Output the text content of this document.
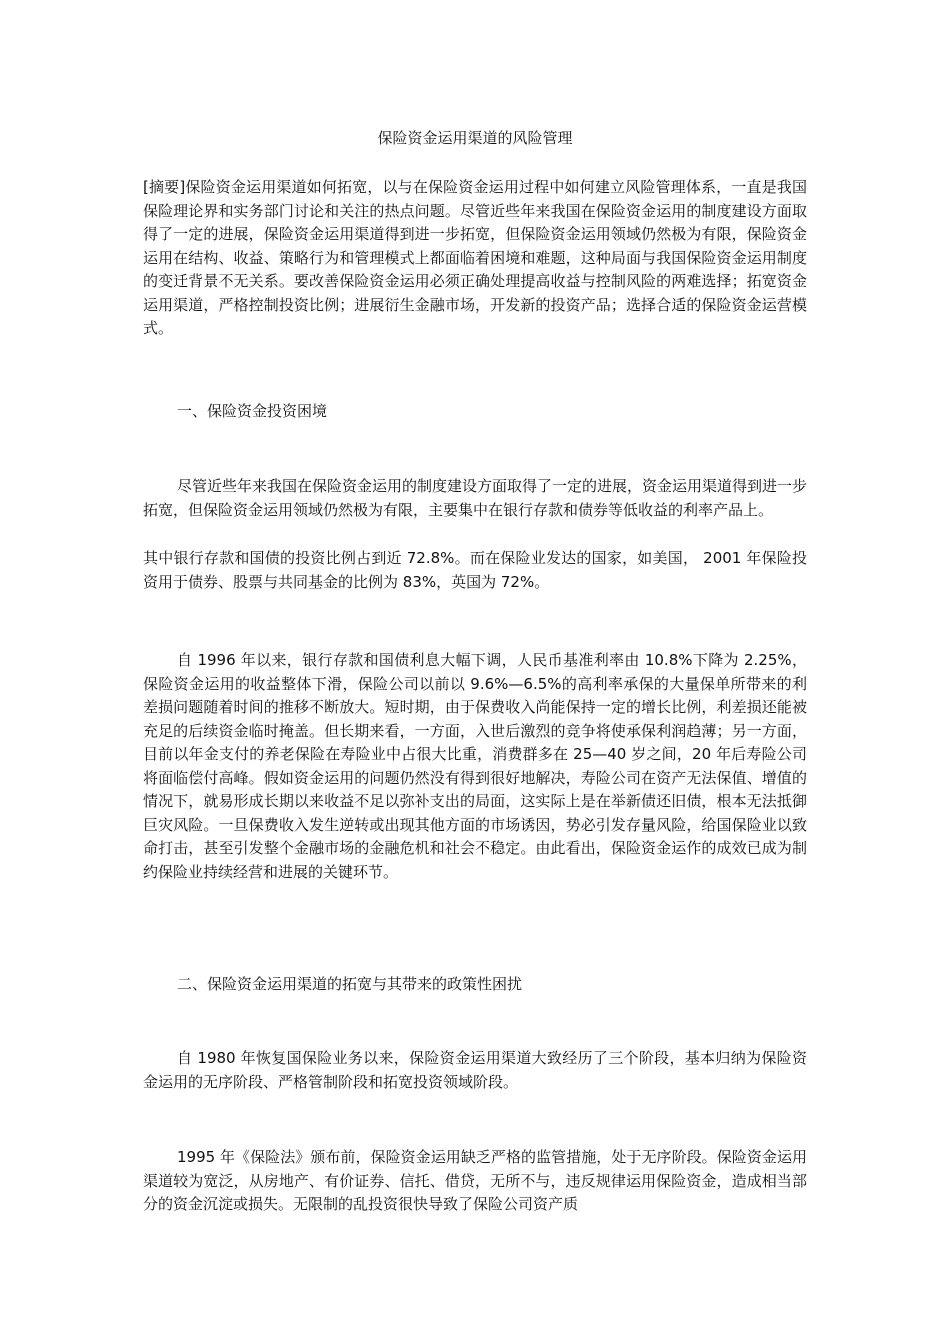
保险资金运用渠道的风险管理

[摘要]保险资金运用渠道如何拓宽，以与在保险资金运用过程中如何建立风险管理体系，一直是我国保险理论界和实务部门讨论和关注的热点问题。尽管近些年来我国在保险资金运用的制度建设方面取得了一定的进展，保险资金运用渠道得到进一步拓宽，但保险资金运用领域仍然极为有限，保险资金运用在结构、收益、策略行为和管理模式上都面临着困境和难题，这种局面与我国保险资金运用制度的变迁背景不无关系。要改善保险资金运用必须正确处理提高收益与控制风险的两难选择；拓宽资金运用渠道，严格控制投资比例；进展衍生金融市场，开发新的投资产品；选择合适的保险资金运营模式。

一、保险资金投资困境

尽管近些年来我国在保险资金运用的制度建设方面取得了一定的进展，资金运用渠道得到进一步拓宽，但保险资金运用领域仍然极为有限，主要集中在银行存款和债券等低收益的利率产品上。

其中银行存款和国债的投资比例占到近 72.8%。而在保险业发达的国家，如美国， 2001 年保险投资用于债券、股票与共同基金的比例为 83%，英国为 72%。

自 1996 年以来，银行存款和国债利息大幅下调，人民币基准利率由 10.8%下降为 2.25%，保险资金运用的收益整体下滑，保险公司以前以 9.6%—6.5%的高利率承保的大量保单所带来的利差损问题随着时间的推移不断放大。短时期，由于保费收入尚能保持一定的增长比例，利差损还能被充足的后续资金临时掩盖。但长期来看，一方面，入世后激烈的竞争将使承保利润趋薄；另一方面，目前以年金支付的养老保险在寿险业中占很大比重，消费群多在 25—40 岁之间，20 年后寿险公司将面临偿付高峰。假如资金运用的问题仍然没有得到很好地解决，寿险公司在资产无法保值、增值的情况下，就易形成长期以来收益不足以弥补支出的局面，这实际上是在举新债还旧债，根本无法抵御巨灾风险。一旦保费收入发生逆转或出现其他方面的市场诱因，势必引发存量风险，给国保险业以致命打击，甚至引发整个金融市场的金融危机和社会不稳定。由此看出，保险资金运作的成效已成为制约保险业持续经营和进展的关键环节。

二、保险资金运用渠道的拓宽与其带来的政策性困扰

自 1980 年恢复国保险业务以来，保险资金运用渠道大致经历了三个阶段，基本归纳为保险资金运用的无序阶段、严格管制阶段和拓宽投资领域阶段。

1995 年《保险法》颁布前，保险资金运用缺乏严格的监管措施，处于无序阶段。保险资金运用渠道较为宽泛，从房地产、有价证券、信托、借贷，无所不与，违反规律运用保险资金，造成相当部分的资金沉淀或损失。无限制的乱投资很快导致了保险公司资产质
